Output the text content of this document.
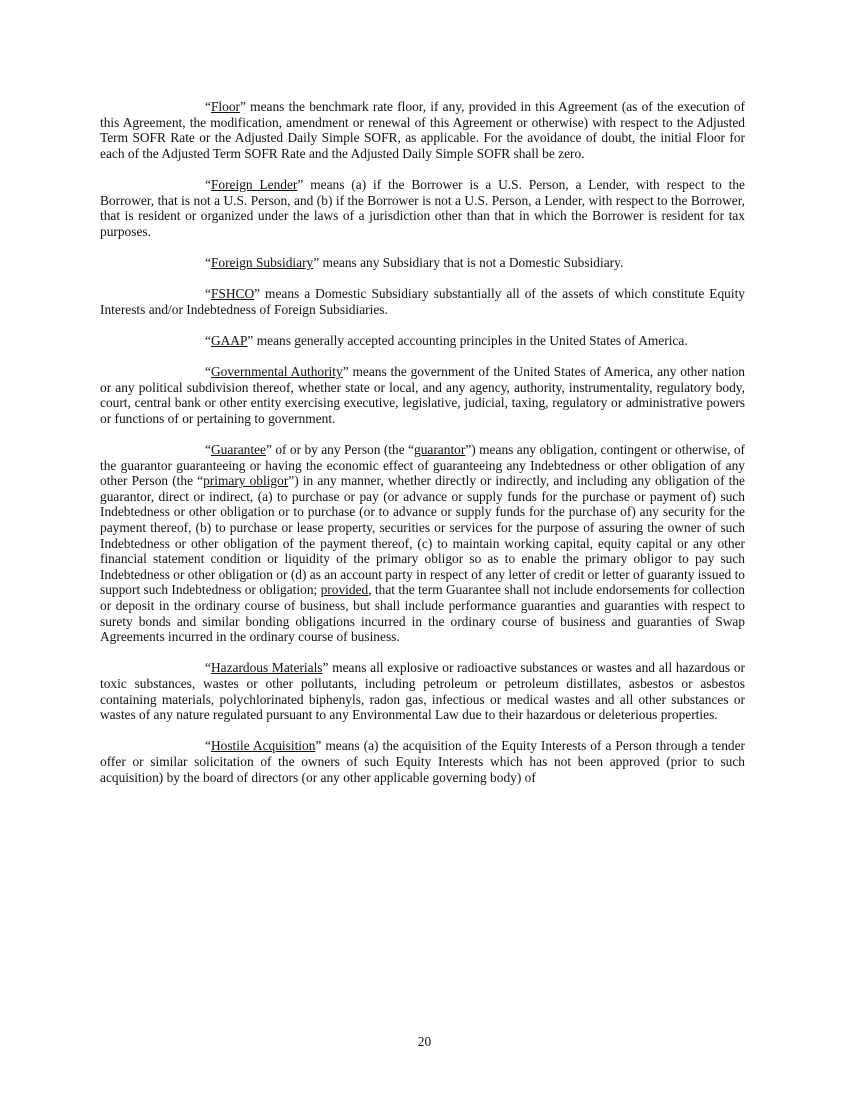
“Floor” means the benchmark rate floor, if any, provided in this Agreement (as of the execution of this Agreement, the modification, amendment or renewal of this Agreement or otherwise) with respect to the Adjusted Term SOFR Rate or the Adjusted Daily Simple SOFR, as applicable. For the avoidance of doubt, the initial Floor for each of the Adjusted Term SOFR Rate and the Adjusted Daily Simple SOFR shall be zero.

“Foreign Lender” means (a) if the Borrower is a U.S. Person, a Lender, with respect to the Borrower, that is not a U.S. Person, and (b) if the Borrower is not a U.S. Person, a Lender, with respect to the Borrower, that is resident or organized under the laws of a jurisdiction other than that in which the Borrower is resident for tax purposes.

“Foreign Subsidiary” means any Subsidiary that is not a Domestic Subsidiary.

“FSHCO” means a Domestic Subsidiary substantially all of the assets of which constitute Equity Interests and/or Indebtedness of Foreign Subsidiaries.

“GAAP” means generally accepted accounting principles in the United States of America.

“Governmental Authority” means the government of the United States of America, any other nation or any political subdivision thereof, whether state or local, and any agency, authority, instrumentality, regulatory body, court, central bank or other entity exercising executive, legislative, judicial, taxing, regulatory or administrative powers or functions of or pertaining to government.

“Guarantee” of or by any Person (the “guarantor”) means any obligation, contingent or otherwise, of the guarantor guaranteeing or having the economic effect of guaranteeing any Indebtedness or other obligation of any other Person (the “primary obligor”) in any manner, whether directly or indirectly, and including any obligation of the guarantor, direct or indirect, (a) to purchase or pay (or advance or supply funds for the purchase or payment of) such Indebtedness or other obligation or to purchase (or to advance or supply funds for the purchase of) any security for the payment thereof, (b) to purchase or lease property, securities or services for the purpose of assuring the owner of such Indebtedness or other obligation of the payment thereof, (c) to maintain working capital, equity capital or any other financial statement condition or liquidity of the primary obligor so as to enable the primary obligor to pay such Indebtedness or other obligation or (d) as an account party in respect of any letter of credit or letter of guaranty issued to support such Indebtedness or obligation; provided, that the term Guarantee shall not include endorsements for collection or deposit in the ordinary course of business, but shall include performance guaranties and guaranties with respect to surety bonds and similar bonding obligations incurred in the ordinary course of business and guaranties of Swap Agreements incurred in the ordinary course of business.

“Hazardous Materials” means all explosive or radioactive substances or wastes and all hazardous or toxic substances, wastes or other pollutants, including petroleum or petroleum distillates, asbestos or asbestos containing materials, polychlorinated biphenyls, radon gas, infectious or medical wastes and all other substances or wastes of any nature regulated pursuant to any Environmental Law due to their hazardous or deleterious properties.

“Hostile Acquisition” means (a) the acquisition of the Equity Interests of a Person through a tender offer or similar solicitation of the owners of such Equity Interests which has not been approved (prior to such acquisition) by the board of directors (or any other applicable governing body) of

20
